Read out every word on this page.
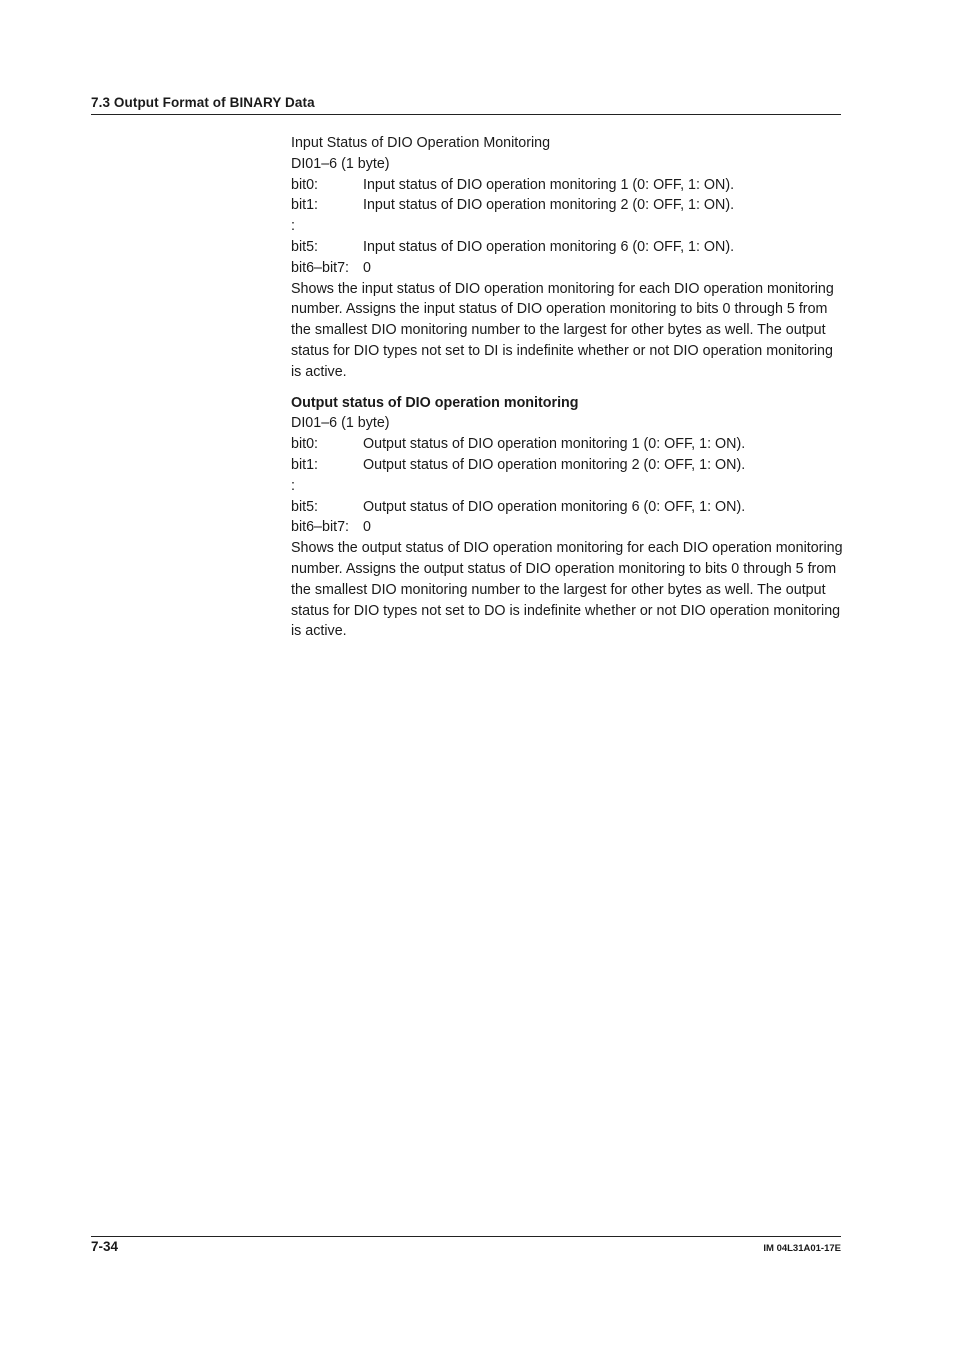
7.3 Output Format of BINARY Data
Input Status of DIO Operation Monitoring
DI01–6 (1 byte)
bit0:	Input status of DIO operation monitoring 1 (0: OFF, 1: ON).
bit1:	Input status of DIO operation monitoring 2 (0: OFF, 1: ON).
:
bit5:	Input status of DIO operation monitoring 6 (0: OFF, 1: ON).
bit6–bit7: 0
Shows the input status of DIO operation monitoring for each DIO operation monitoring number. Assigns the input status of DIO operation monitoring to bits 0 through 5 from the smallest DIO monitoring number to the largest for other bytes as well. The output status for DIO types not set to DI is indefinite whether or not DIO operation monitoring is active.
Output status of DIO operation monitoring
DI01–6 (1 byte)
bit0:	Output status of DIO operation monitoring 1 (0: OFF, 1: ON).
bit1:	Output status of DIO operation monitoring 2 (0: OFF, 1: ON).
:
bit5:	Output status of DIO operation monitoring 6 (0: OFF, 1: ON).
bit6–bit7: 0
Shows the output status of DIO operation monitoring for each DIO operation monitoring number. Assigns the output status of DIO operation monitoring to bits 0 through 5 from the smallest DIO monitoring number to the largest for other bytes as well. The output status for DIO types not set to DO is indefinite whether or not DIO operation monitoring is active.
7-34	IM 04L31A01-17E
